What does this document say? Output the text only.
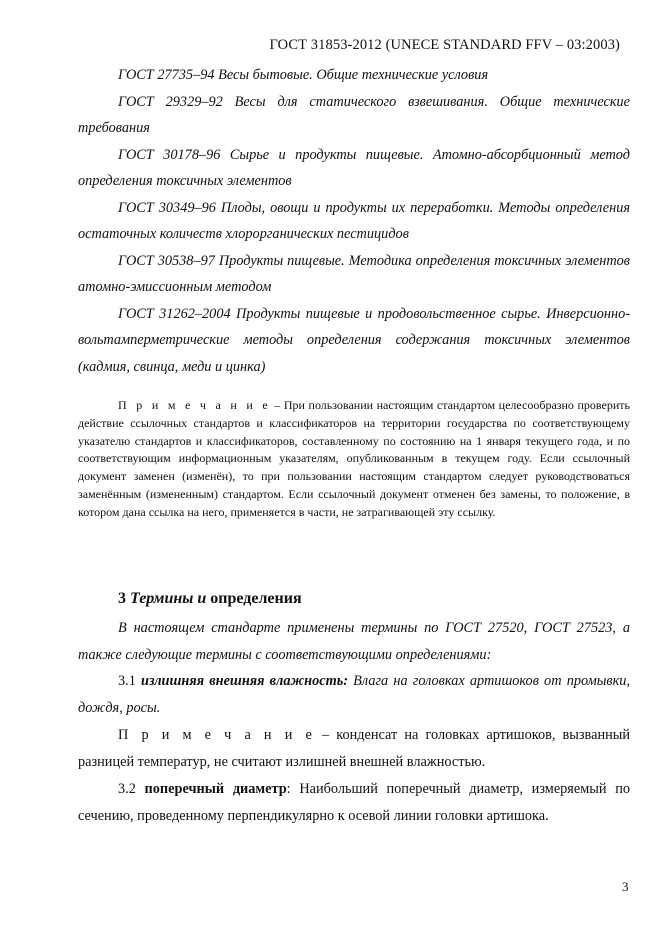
ГОСТ 31853-2012 (UNECE STANDARD FFV – 03:2003)

ГОСТ 27735–94 Весы бытовые. Общие технические условия

ГОСТ 29329–92 Весы для статического взвешивания. Общие технические требования

ГОСТ 30178–96 Сырье и продукты пищевые. Атомно-абсорбционный метод определения токсичных элементов

ГОСТ 30349–96 Плоды, овощи и продукты их переработки. Методы определения остаточных количеств хлорорганических пестицидов

ГОСТ 30538–97 Продукты пищевые. Методика определения токсичных элементов атомно-эмиссионным методом

ГОСТ 31262–2004 Продукты пищевые и продовольственное сырье. Инверсионно-вольтамперметрические методы определения содержания токсичных элементов (кадмия, свинца, меди и цинка)

П р и м е ч а н и е – При пользовании настоящим стандартом целесообразно проверить действие ссылочных стандартов и классификаторов на территории государства по соответствующему указателю стандартов и классификаторов, составленному по состоянию на 1 января текущего года, и по соответствующим информационным указателям, опубликованным в текущем году. Если ссылочный документ заменен (изменён), то при пользовании настоящим стандартом следует руководствоваться заменённым (измененным) стандартом. Если ссылочный документ отменен без замены, то положение, в котором дана ссылка на него, применяется в части, не затрагивающей эту ссылку.
3 Термины и определения
В настоящем стандарте применены термины по ГОСТ 27520, ГОСТ 27523, а также следующие термины с соответствующими определениями:
3.1 излишняя внешняя влажность: Влага на головках артишоков от промывки, дождя, росы.
П р и м е ч а н и е – конденсат на головках артишоков, вызванный разницей температур, не считают излишней внешней влажностью.
3.2 поперечный диаметр: Наибольший поперечный диаметр, измеряемый по сечению, проведенному перпендикулярно к осевой линии головки артишока.
3
